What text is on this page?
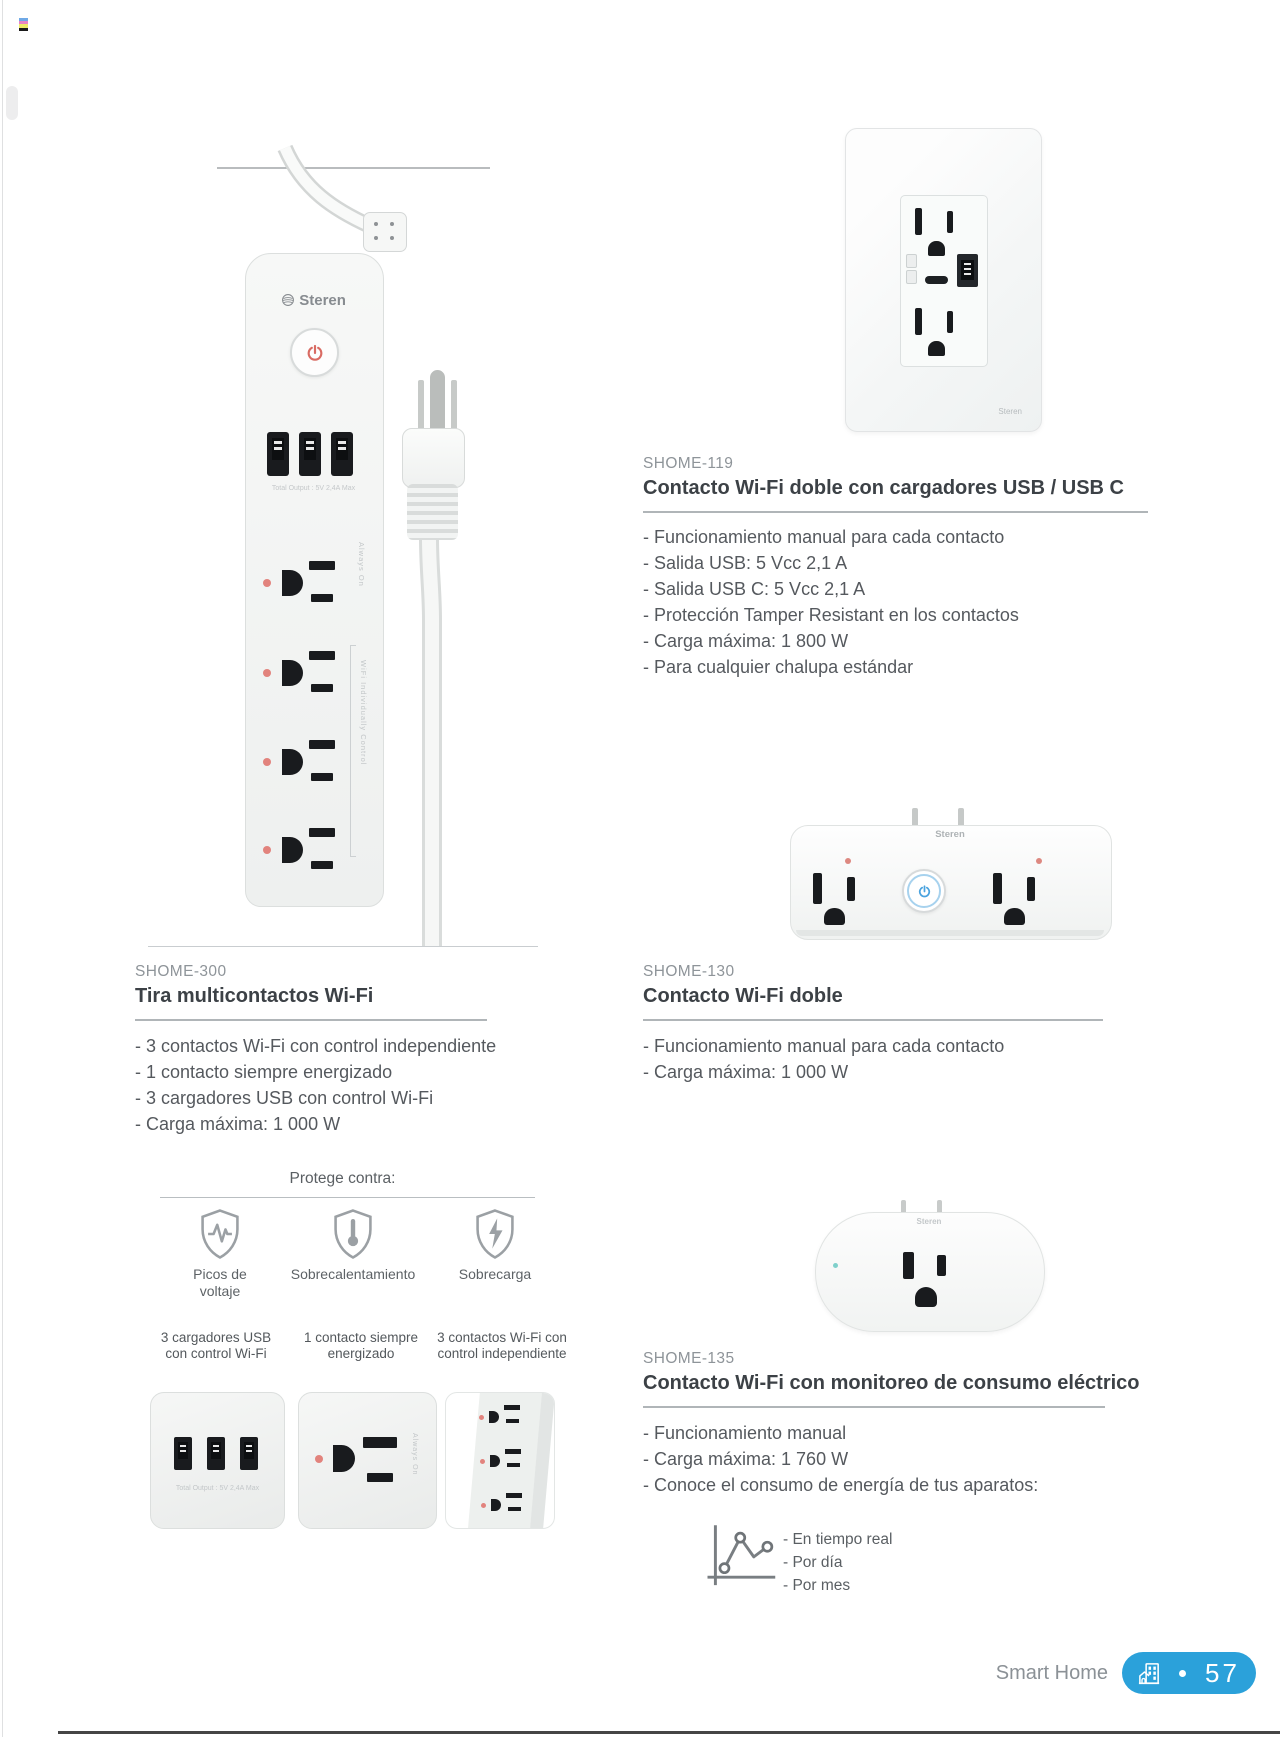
Steren
Total Output : 5V 2,4A Max
Always On
WiFi Individually Control
SHOME-300
Tira multicontactos Wi-Fi
- 3 contactos Wi-Fi con control independiente
- 1 contacto siempre energizado
- 3 cargadores USB con control Wi-Fi
- Carga máxima: 1 000 W
Protege contra:
Picos de voltaje
Sobrecalentamiento	Sobrecarga
3 cargadores USB con control Wi-Fi
1 contacto siempre energizado
3 contactos Wi-Fi con control independiente
Total Output : 5V 2,4A Max
Always On
Steren
SHOME-119
Contacto Wi-Fi doble con cargadores USB / USB C
- Funcionamiento manual para cada contacto
- Salida USB: 5 Vcc 2,1 A
- Salida USB C: 5 Vcc 2,1 A
- Protección Tamper Resistant en los contactos
- Carga máxima: 1 800 W
- Para cualquier chalupa estándar
Steren
SHOME-130
Contacto Wi-Fi doble
- Funcionamiento manual para cada contacto
- Carga máxima: 1 000 W
Steren
SHOME-135
Contacto Wi-Fi con monitoreo de consumo eléctrico
- Funcionamiento manual
- Carga máxima: 1 760 W
- Conoce el consumo de energía de tus aparatos:
- En tiempo real
- Por día
- Por mes
Smart Home	57
